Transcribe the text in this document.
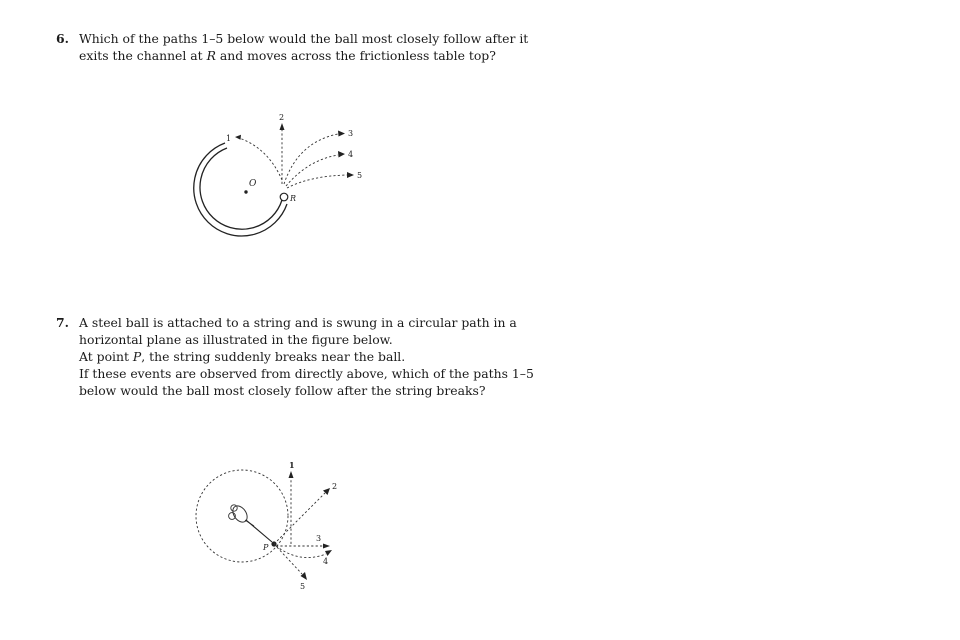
6. Which of the paths 1–5 below would the ball most closely follow after it exits the channel at R and moves across the frictionless table top?
O
R
1
2
3
4
5
7. A steel ball is attached to a string and is swung in a circular path in a horizontal plane as illustrated in the figure below.

At point P, the string suddenly breaks near the ball.

If these events are observed from directly above, which of the paths 1–5 below would the ball most closely follow after the string breaks?

P
1
2
3
4
5
